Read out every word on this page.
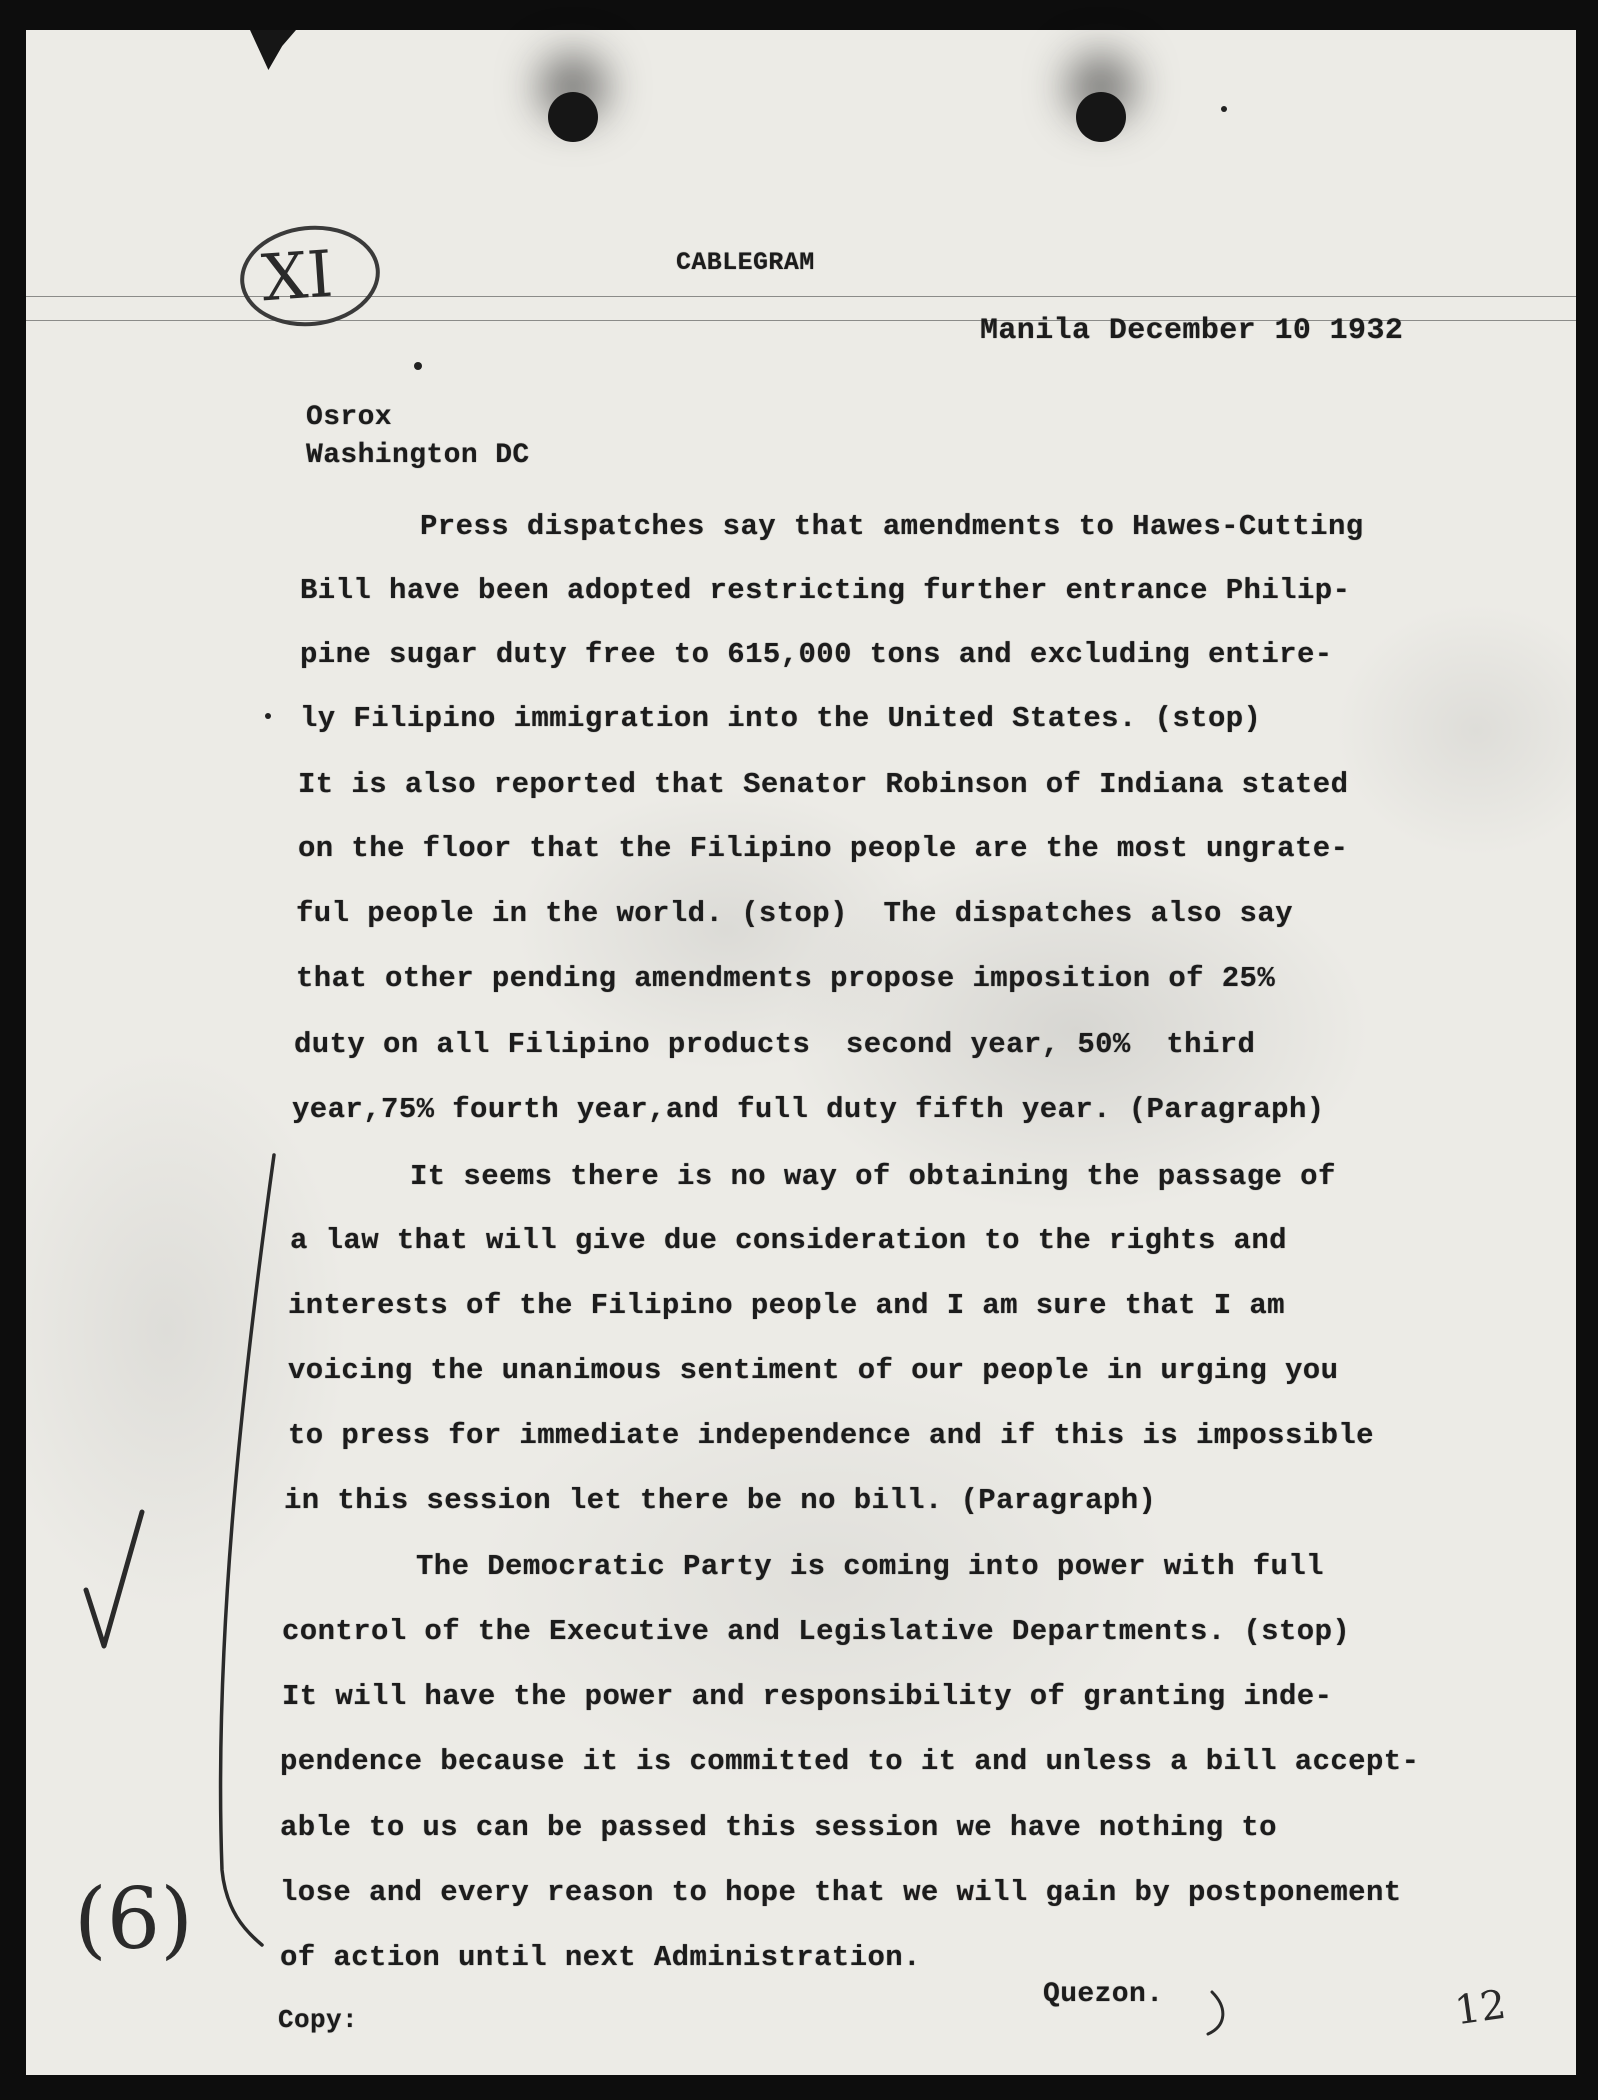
CABLEGRAM
Manila December 10 1932
Osrox
Washington DC
Press dispatches say that amendments to Hawes-Cutting
Bill have been adopted restricting further entrance Philip-
pine sugar duty free to 615,000 tons and excluding entire-
ly Filipino immigration into the United States. (stop)
It is also reported that Senator Robinson of Indiana stated
on the floor that the Filipino people are the most ungrate-
ful people in the world. (stop)  The dispatches also say
that other pending amendments propose imposition of 25%
duty on all Filipino products  second year, 50%  third
year,75% fourth year,and full duty fifth year. (Paragraph)
It seems there is no way of obtaining the passage of
a law that will give due consideration to the rights and
interests of the Filipino people and I am sure that I am
voicing the unanimous sentiment of our people in urging you
to press for immediate independence and if this is impossible
in this session let there be no bill. (Paragraph)
The Democratic Party is coming into power with full
control of the Executive and Legislative Departments. (stop)
It will have the power and responsibility of granting inde-
pendence because it is committed to it and unless a bill accept-
able to us can be passed this session we have nothing to
lose and every reason to hope that we will gain by postponement
of action until next Administration.
Quezon.
Copy:
XI
(6)
12
